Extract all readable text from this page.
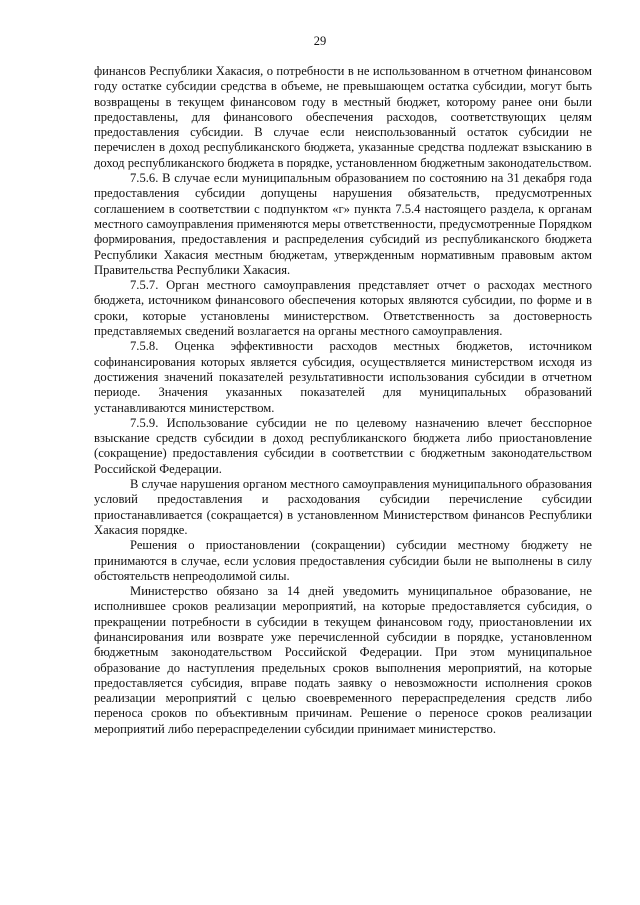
29

финансов Республики Хакасия, о потребности в не использованном в отчетном финансовом году остатке субсидии средства в объеме, не превышающем остатка субсидии, могут быть возвращены в текущем финансовом году в местный бюджет, которому ранее они были предоставлены, для финансового обеспечения расходов, соответствующих целям предоставления субсидии. В случае если неиспользованный остаток субсидии не перечислен в доход республиканского бюджета, указанные средства подлежат взысканию в доход республиканского бюджета в порядке, установленном бюджетным законодательством.

7.5.6. В случае если муниципальным образованием по состоянию на 31 декабря года предоставления субсидии допущены нарушения обязательств, предусмотренных соглашением в соответствии с подпунктом «г» пункта 7.5.4 настоящего раздела, к органам местного самоуправления применяются меры ответственности, предусмотренные Порядком формирования, предоставления и распределения субсидий из республиканского бюджета Республики Хакасия местным бюджетам, утвержденным нормативным правовым актом Правительства Республики Хакасия.

7.5.7. Орган местного самоуправления представляет отчет о расходах местного бюджета, источником финансового обеспечения которых являются субсидии, по форме и в сроки, которые установлены министерством. Ответственность за достоверность представляемых сведений возлагается на органы местного самоуправления.

7.5.8. Оценка эффективности расходов местных бюджетов, источником софинансирования которых является субсидия, осуществляется министерством исходя из достижения значений показателей результативности использования субсидии в отчетном периоде. Значения указанных показателей для муниципальных образований устанавливаются министерством.

7.5.9. Использование субсидии не по целевому назначению влечет бесспорное взыскание средств субсидии в доход республиканского бюджета либо приостановление (сокращение) предоставления субсидии в соответствии с бюджетным законодательством Российской Федерации.

В случае нарушения органом местного самоуправления муниципального образования условий предоставления и расходования субсидии перечисление субсидии приостанавливается (сокращается) в установленном Министерством финансов Республики Хакасия порядке.

Решения о приостановлении (сокращении) субсидии местному бюджету не принимаются в случае, если условия предоставления субсидии были не выполнены в силу обстоятельств непреодолимой силы.

Министерство обязано за 14 дней уведомить муниципальное образование, не исполнившее сроков реализации мероприятий, на которые предоставляется субсидия, о прекращении потребности в субсидии в текущем финансовом году, приостановлении их финансирования или возврате уже перечисленной субсидии в порядке, установленном бюджетным законодательством Российской Федерации. При этом муниципальное образование до наступления предельных сроков выполнения мероприятий, на которые предоставляется субсидия, вправе подать заявку о невозможности исполнения сроков реализации мероприятий с целью своевременного перераспределения средств либо переноса сроков по объективным причинам. Решение о переносе сроков реализации мероприятий либо перераспределении субсидии принимает министерство.
